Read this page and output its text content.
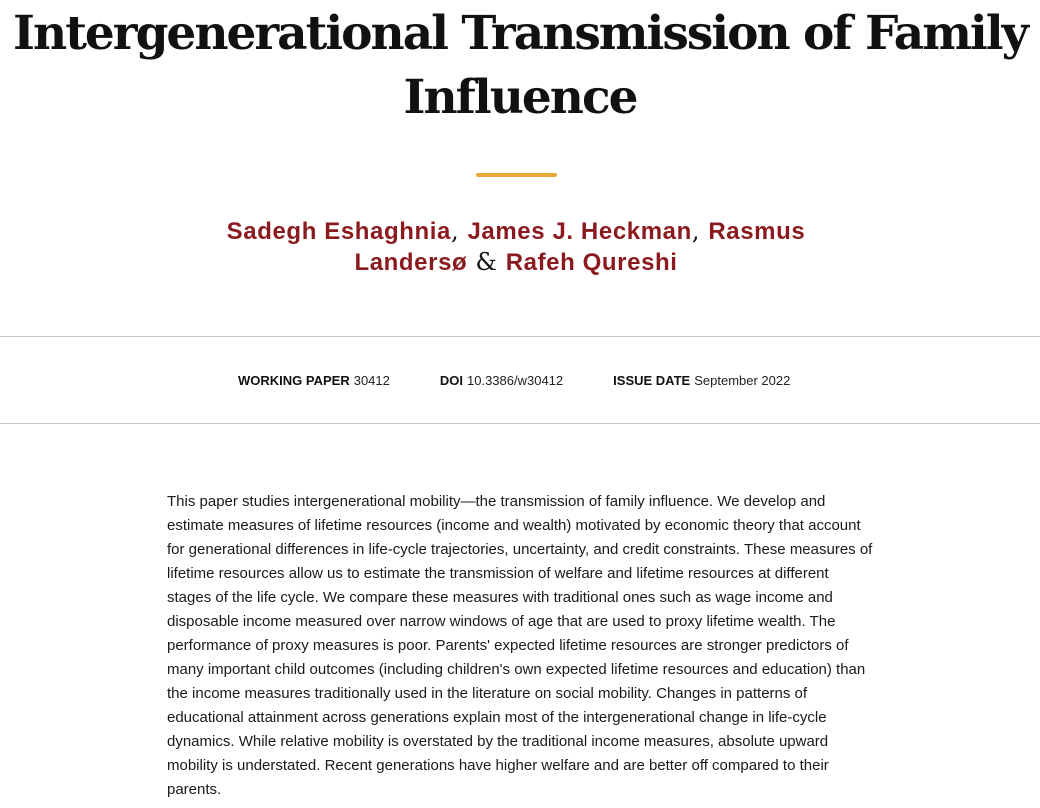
Intergenerational Transmission of Family Influence

Sadegh Eshaghnia, James J. Heckman, Rasmus Landersø & Rafeh Qureshi

WORKING PAPER 30412	DOI 10.3386/w30412	ISSUE DATE September 2022

This paper studies intergenerational mobility—the transmission of family influence. We develop and estimate measures of lifetime resources (income and wealth) motivated by economic theory that account for generational differences in life-cycle trajectories, uncertainty, and credit constraints. These measures of lifetime resources allow us to estimate the transmission of welfare and lifetime resources at different stages of the life cycle. We compare these measures with traditional ones such as wage income and disposable income measured over narrow windows of age that are used to proxy lifetime wealth. The performance of proxy measures is poor. Parents' expected lifetime resources are stronger predictors of many important child outcomes (including children's own expected lifetime resources and education) than the income measures traditionally used in the literature on social mobility. Changes in patterns of educational attainment across generations explain most of the intergenerational change in life-cycle dynamics. While relative mobility is overstated by the traditional income measures, absolute upward mobility is understated. Recent generations have higher welfare and are better off compared to their parents.
